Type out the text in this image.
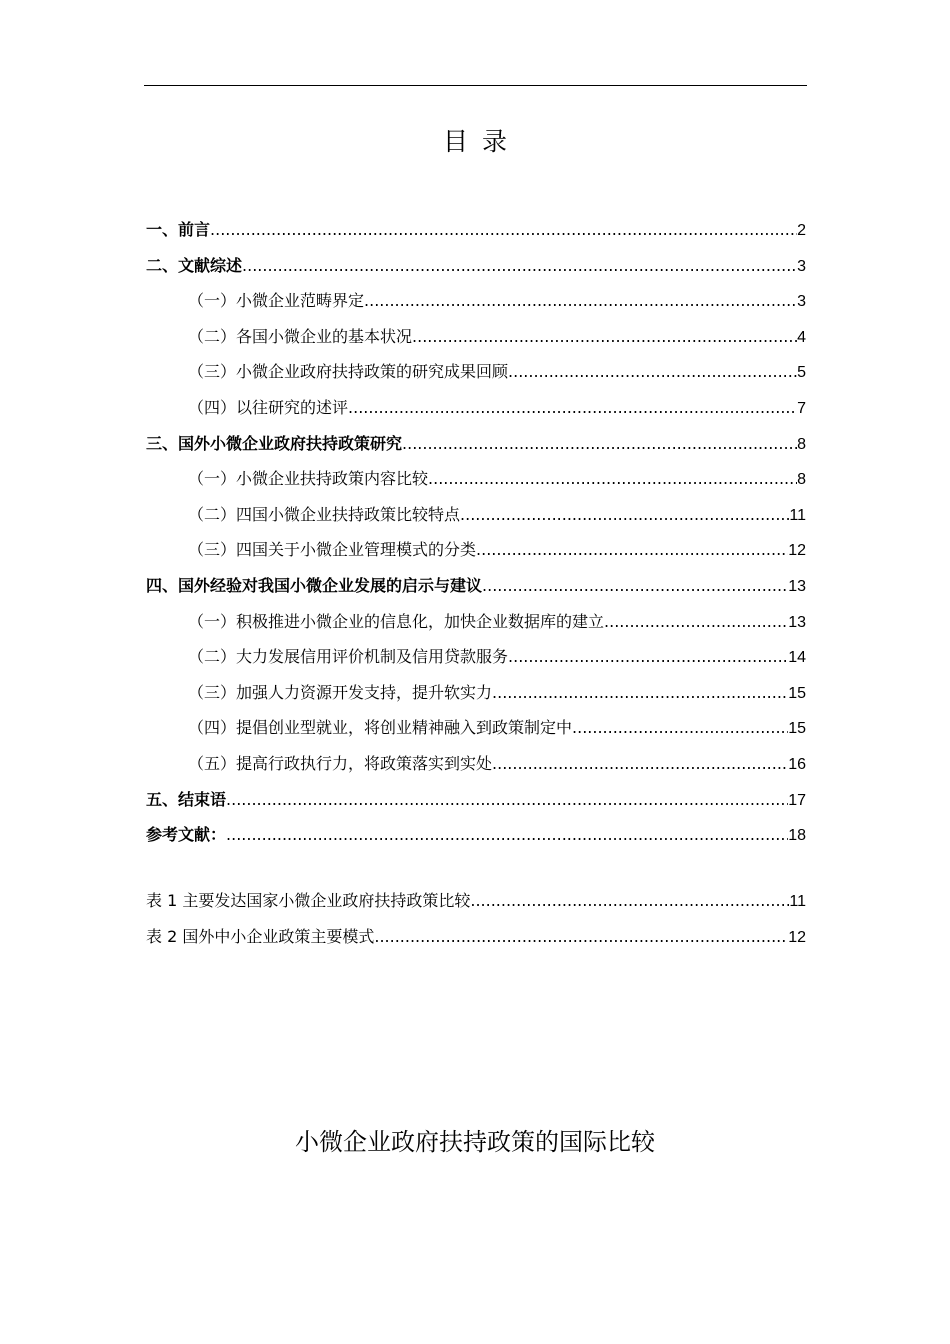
目录
一、前言 .....	2
二、文献综述 .....	3
（一）小微企业范畴界定 .....	3
（二）各国小微企业的基本状况 .....	4
（三）小微企业政府扶持政策的研究成果回顾 .....	5
（四）以往研究的述评 .....	7
三、国外小微企业政府扶持政策研究 .....	8
（一）小微企业扶持政策内容比较 .....	8
（二）四国小微企业扶持政策比较特点 .....	11
（三）四国关于小微企业管理模式的分类 .....	12
四、国外经验对我国小微企业发展的启示与建议 .....	13
（一）积极推进小微企业的信息化，加快企业数据库的建立 .....	13
（二）大力发展信用评价机制及信用贷款服务 .....	14
（三）加强人力资源开发支持，提升软实力 .....	15
（四）提倡创业型就业，将创业精神融入到政策制定中 .....	15
（五）提高行政执行力，将政策落实到实处 .....	16
五、结束语 .....	17
参考文献： .....	18
表 1 主要发达国家小微企业政府扶持政策比较 .....	11
表 2 国外中小企业政策主要模式 .....	12
小微企业政府扶持政策的国际比较
